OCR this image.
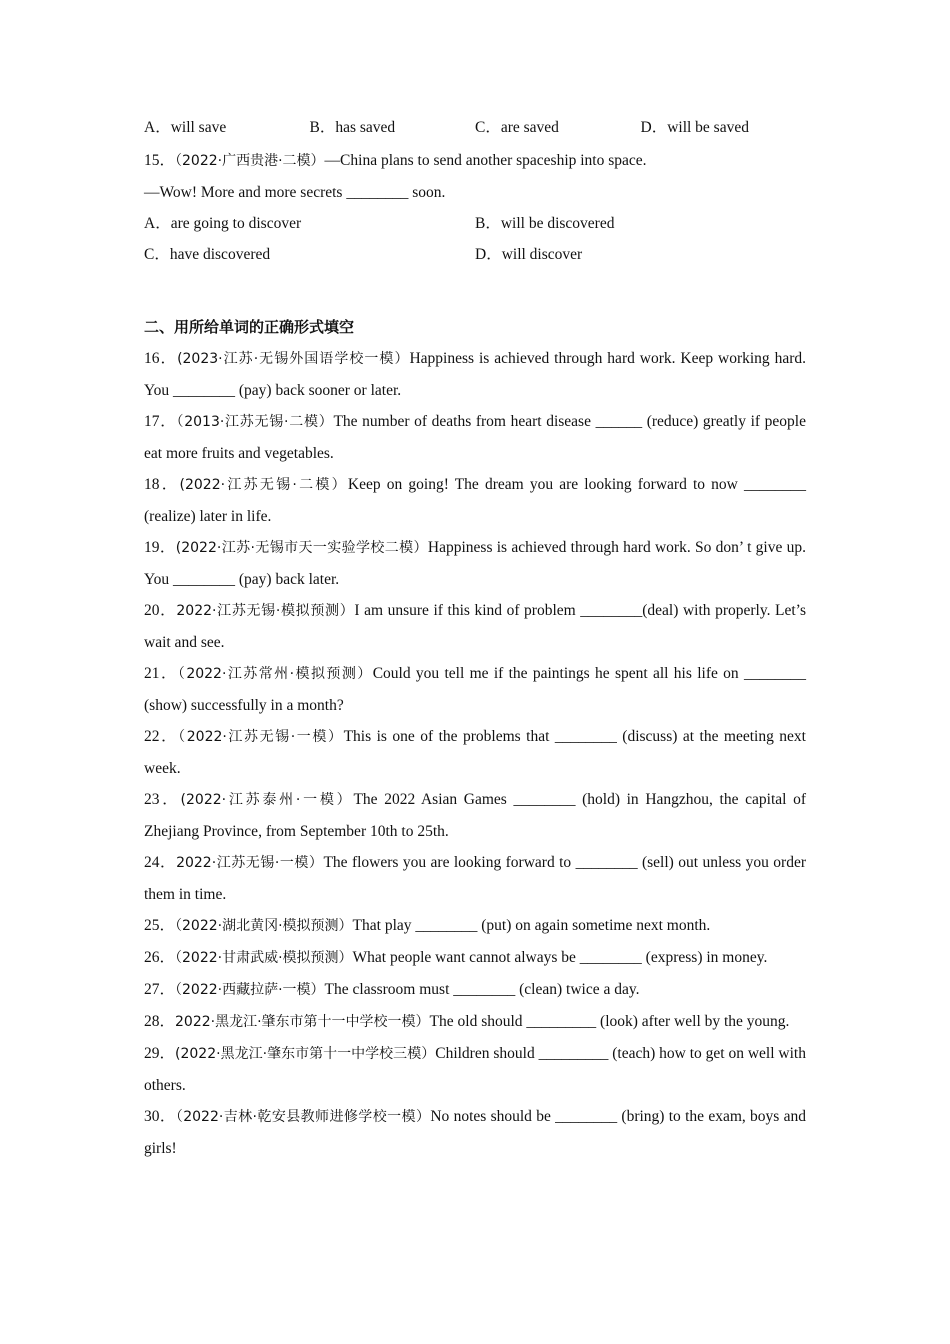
A．will save	B．has saved	C．are saved	D．will be saved
15．（2022·广西贵港·二模）—China plans to send another spaceship into space.
—Wow! More and more secrets ________ soon.
A．are going to discover	B．will be discovered
C．have discovered	D．will discover
二、用所给单词的正确形式填空
16．(2023·江苏·无锡外国语学校一模）Happiness is achieved through hard work. Keep working hard. You ________ (pay) back sooner or later.
17．（2013·江苏无锡·二模）The number of deaths from heart disease ______ (reduce) greatly if people eat more fruits and vegetables.
18．(2022·江苏无锡·二模）Keep on going! The dream you are looking forward to now ________ (realize) later in life.
19．(2022·江苏·无锡市天一实验学校二模）Happiness is achieved through hard work. So don’ t give up. You ________ (pay) back later.
20．2022·江苏无锡·模拟预测）I am unsure if this kind of problem ________(deal) with properly. Let’s wait and see.
21．（2022·江苏常州·模拟预测）Could you tell me if the paintings he spent all his life on ________ (show) successfully in a month?
22．（2022·江苏无锡·一模）This is one of the problems that ________ (discuss) at the meeting next week.
23．(2022·江苏泰州·一模）The 2022 Asian Games ________ (hold) in Hangzhou, the capital of Zhejiang Province, from September 10th to 25th.
24．2022·江苏无锡·一模）The flowers you are looking forward to ________ (sell) out unless you order them in time.
25．（2022·湖北黄冈·模拟预测）That play ________ (put) on again sometime next month.
26．（2022·甘肃武威·模拟预测）What people want cannot always be ________ (express) in money.
27．（2022·西藏拉萨·一模）The classroom must ________ (clean) twice a day.
28．2022·黑龙江·肇东市第十一中学校一模）The old should _________ (look) after well by the young.
29．(2022·黑龙江·肇东市第十一中学校三模）Children should _________ (teach) how to get on well with others.
30．（2022·吉林·乾安县教师进修学校一模）No notes should be ________ (bring) to the exam, boys and girls!
